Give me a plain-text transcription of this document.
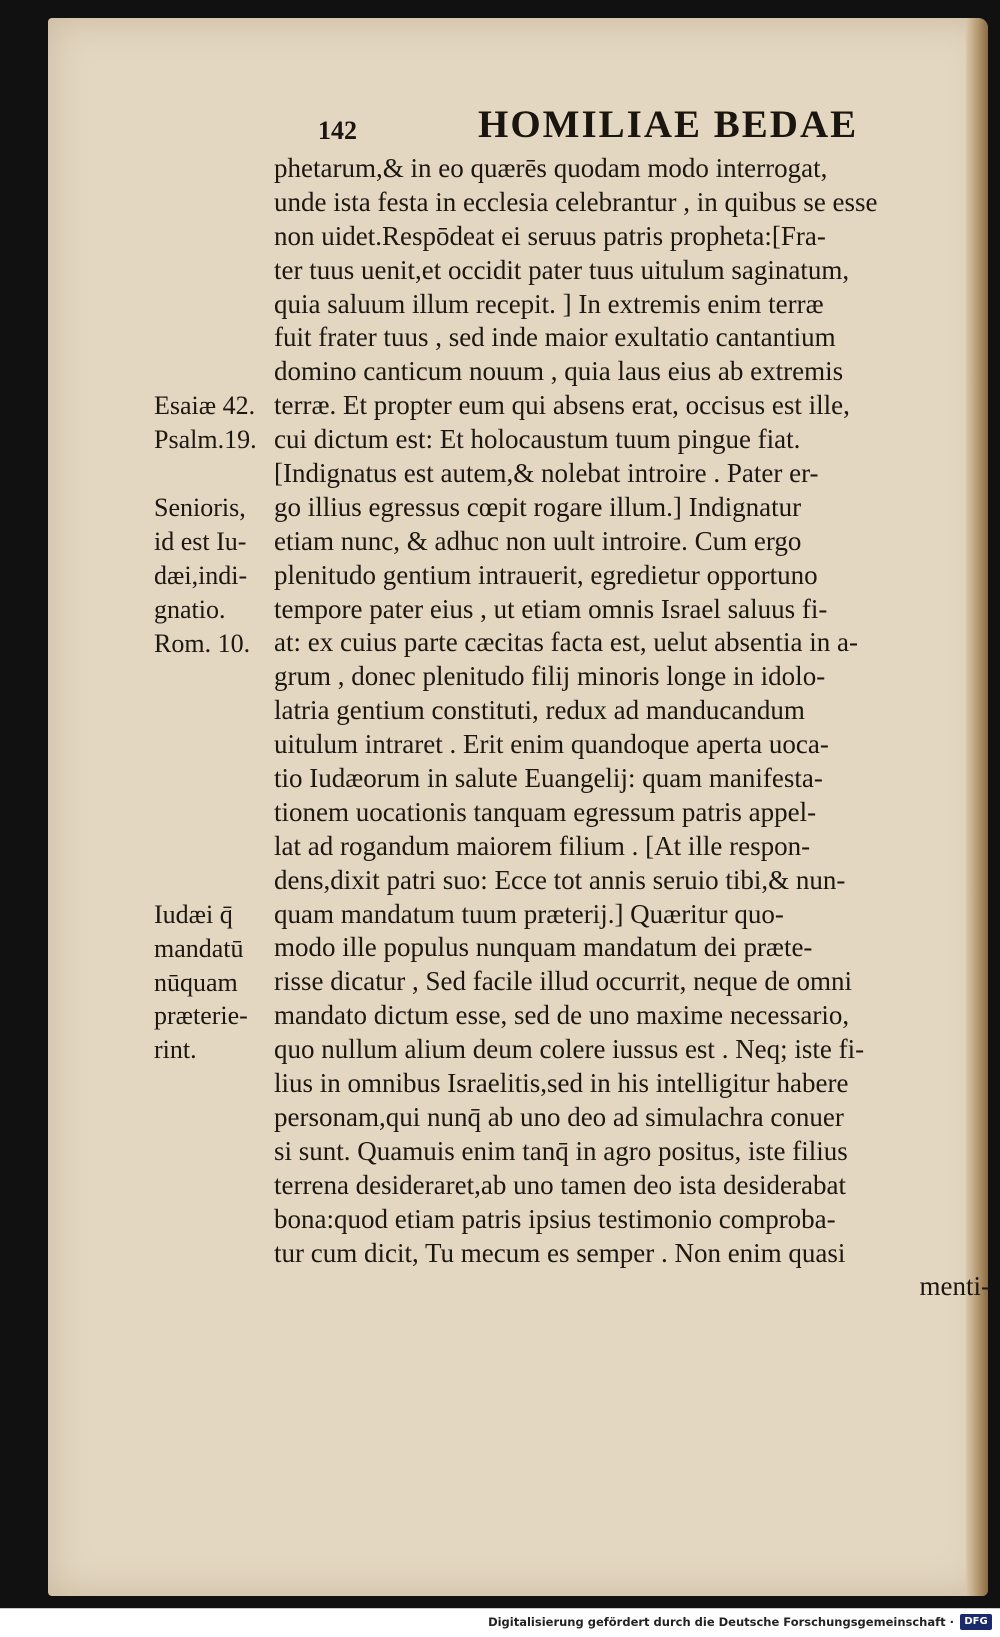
142	HOMILIAE BEDAE
Esaiæ 42.
Psalm.19.
Senioris,
id est Iu-
dæi,indi-
gnatio.
Rom. 10.
Iudæi q̄
mandatū
nūquam
præterie-
rint.
phetarum,& in eo quærēs quodam modo interrogat,
unde ista festa in ecclesia celebrantur , in quibus se esse
non uidet.Respōdeat ei seruus patris propheta:[Fra-
ter tuus uenit,et occidit pater tuus uitulum saginatum,
quia saluum illum recepit. ] In extremis enim terræ
fuit frater tuus , sed inde maior exultatio cantantium
domino canticum nouum , quia laus eius ab extremis
terræ. Et propter eum qui absens erat, occisus est ille,
cui dictum est: Et holocaustum tuum pingue fiat.
[Indignatus est autem,& nolebat introire . Pater er-
go illius egressus cœpit rogare illum.] Indignatur
etiam nunc, & adhuc non uult introire. Cum ergo
plenitudo gentium intrauerit, egredietur opportuno
tempore pater eius , ut etiam omnis Israel saluus fi-
at: ex cuius parte cæcitas facta est, uelut absentia in a-
grum , donec plenitudo filij minoris longe in idolo-
latria gentium constituti, redux ad manducandum
uitulum intraret . Erit enim quandoque aperta uoca-
tio Iudæorum in salute Euangelij: quam manifesta-
tionem uocationis tanquam egressum patris appel-
lat ad rogandum maiorem filium . [At ille respon-
dens,dixit patri suo: Ecce tot annis seruio tibi,& nun-
quam mandatum tuum præterij.] Quæritur quo-
modo ille populus nunquam mandatum dei præte-
risse dicatur , Sed facile illud occurrit, neque de omni
mandato dictum esse, sed de uno maxime necessario,
quo nullum alium deum colere iussus est . Neq; iste fi-
lius in omnibus Israelitis,sed in his intelligitur habere
personam,qui nunq̄ ab uno deo ad simulachra conuer
si sunt. Quamuis enim tanq̄ in agro positus, iste filius
terrena desideraret,ab uno tamen deo ista desiderabat
bona:quod etiam patris ipsius testimonio comproba-
tur cum dicit, Tu mecum es semper . Non enim quasi
menti-
Digitalisierung gefördert durch die Deutsche Forschungsgemeinschaft ·	DFG
